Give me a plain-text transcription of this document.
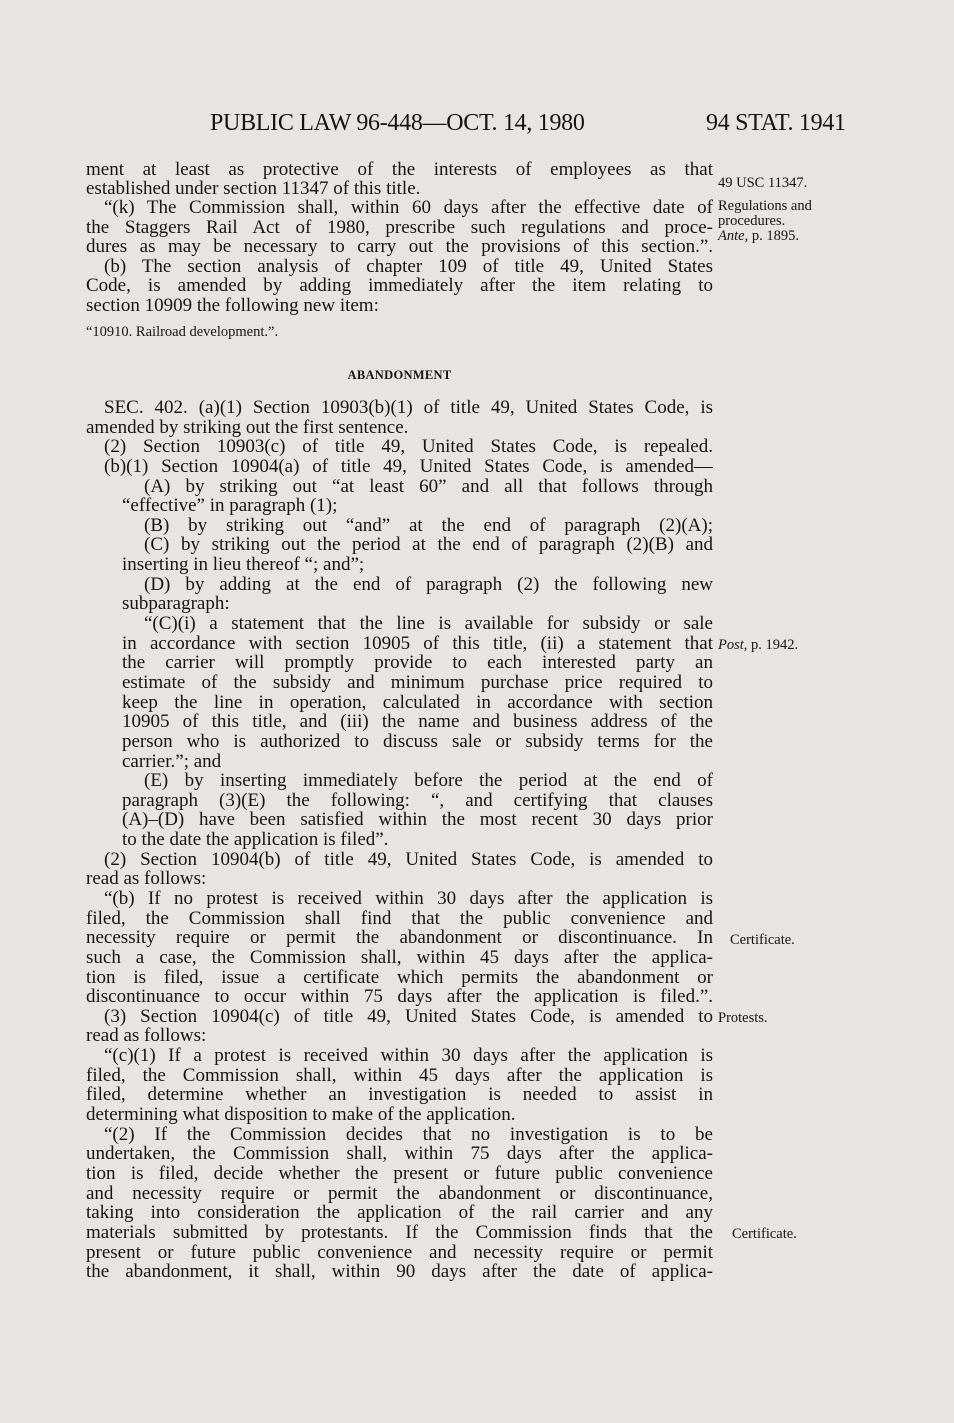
PUBLIC LAW 96-448—OCT. 14, 1980	94 STAT. 1941
ment at least as protective of the interests of employees as that
established under section 11347 of this title.
“(k) The Commission shall, within 60 days after the effective date of
the Staggers Rail Act of 1980, prescribe such regulations and proce-
dures as may be necessary to carry out the provisions of this section.”.
(b) The section analysis of chapter 109 of title 49, United States
Code, is amended by adding immediately after the item relating to
section 10909 the following new item:
“10910. Railroad development.”.
ABANDONMENT
SEC. 402. (a)(1) Section 10903(b)(1) of title 49, United States Code, is
amended by striking out the first sentence.
(2) Section 10903(c) of title 49, United States Code, is repealed.
(b)(1) Section 10904(a) of title 49, United States Code, is amended—
(A) by striking out “at least 60” and all that follows through
“effective” in paragraph (1);
(B) by striking out “and” at the end of paragraph (2)(A);
(C) by striking out the period at the end of paragraph (2)(B) and
inserting in lieu thereof “; and”;
(D) by adding at the end of paragraph (2) the following new
subparagraph:
“(C)(i) a statement that the line is available for subsidy or sale
in accordance with section 10905 of this title, (ii) a statement that
the carrier will promptly provide to each interested party an
estimate of the subsidy and minimum purchase price required to
keep the line in operation, calculated in accordance with section
10905 of this title, and (iii) the name and business address of the
person who is authorized to discuss sale or subsidy terms for the
carrier.”; and
(E) by inserting immediately before the period at the end of
paragraph (3)(E) the following: “, and certifying that clauses
(A)–(D) have been satisfied within the most recent 30 days prior
to the date the application is filed”.
(2) Section 10904(b) of title 49, United States Code, is amended to
read as follows:
“(b) If no protest is received within 30 days after the application is
filed, the Commission shall find that the public convenience and
necessity require or permit the abandonment or discontinuance. In
such a case, the Commission shall, within 45 days after the applica-
tion is filed, issue a certificate which permits the abandonment or
discontinuance to occur within 75 days after the application is filed.”.
(3) Section 10904(c) of title 49, United States Code, is amended to
read as follows:
“(c)(1) If a protest is received within 30 days after the application is
filed, the Commission shall, within 45 days after the application is
filed, determine whether an investigation is needed to assist in
determining what disposition to make of the application.
“(2) If the Commission decides that no investigation is to be
undertaken, the Commission shall, within 75 days after the applica-
tion is filed, decide whether the present or future public convenience
and necessity require or permit the abandonment or discontinuance,
taking into consideration the application of the rail carrier and any
materials submitted by protestants. If the Commission finds that the
present or future public convenience and necessity require or permit
the abandonment, it shall, within 90 days after the date of applica-
49 USC 11347.
Regulations and
procedures.
Ante, p. 1895.
Post, p. 1942.
Certificate.
Protests.
Certificate.
